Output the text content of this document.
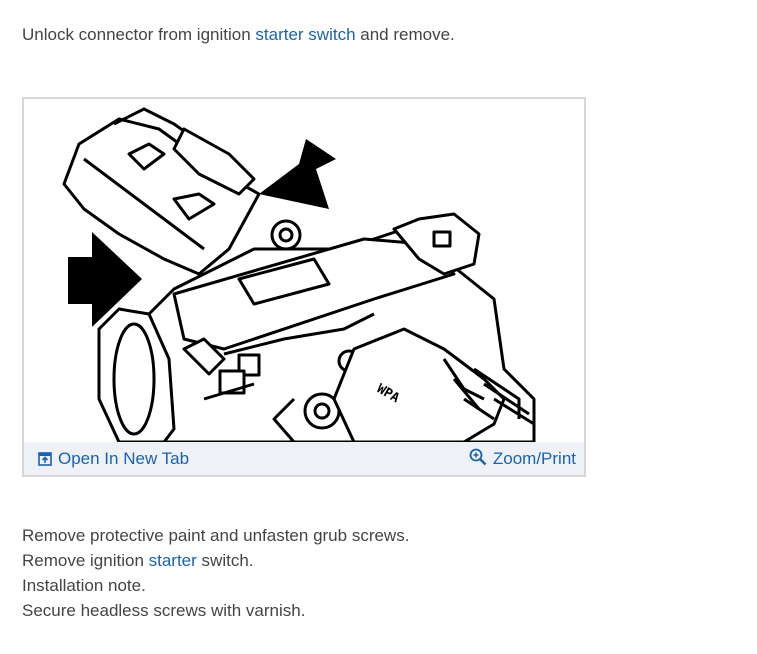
Unlock connector from ignition starter switch and remove.
WPA
Open In New Tab	Zoom/Print
Remove protective paint and unfasten grub screws.
Remove ignition starter switch.
Installation note.
Secure headless screws with varnish.
